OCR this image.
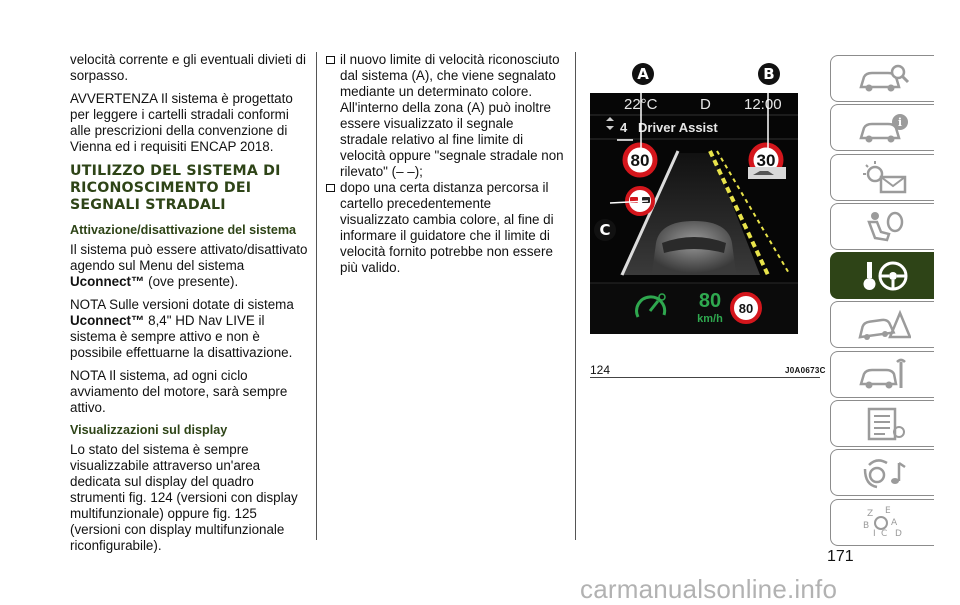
velocità corrente e gli eventuali divieti di sorpasso.

AVVERTENZA Il sistema è progettato per leggere i cartelli stradali conformi alle prescrizioni della convenzione di Vienna ed i requisiti ENCAP 2018.

UTILIZZO DEL SISTEMA DI RICONOSCIMENTO DEI SEGNALI STRADALI
Attivazione/disattivazione del sistema

Il sistema può essere attivato/disattivato agendo sul Menu del sistema Uconnect™ (ove presente).

NOTA Sulle versioni dotate di sistema Uconnect™ 8,4" HD Nav LIVE il sistema è sempre attivo e non è possibile effettuarne la disattivazione.

NOTA Il sistema, ad ogni ciclo avviamento del motore, sarà sempre attivo.

Visualizzazioni sul display

Lo stato del sistema è sempre visualizzabile attraverso un'area dedicata sul display del quadro strumenti fig. 124 (versioni con display multifunzionale) oppure fig. 125 (versioni con display multifunzionale riconfigurabile).

il nuovo limite di velocità riconosciuto dal sistema (A), che viene segnalato mediante un determinato colore. All'interno della zona (A) può inoltre essere visualizzato il segnale stradale relativo al fine limite di velocità oppure "segnale stradale non rilevato" (– –);
dopo una certa distanza percorsa il cartello precedentemente visualizzato cambia colore, al fine di informare il guidatore che il limite di velocità fornito potrebbe non essere più valido.
22°C	D 12:00
4 Driver Assist
80	30
80
km/h
80
A	B
C
124	J0A0673C
i
Z E
B A
I C D
171
carmanualsonline.info
